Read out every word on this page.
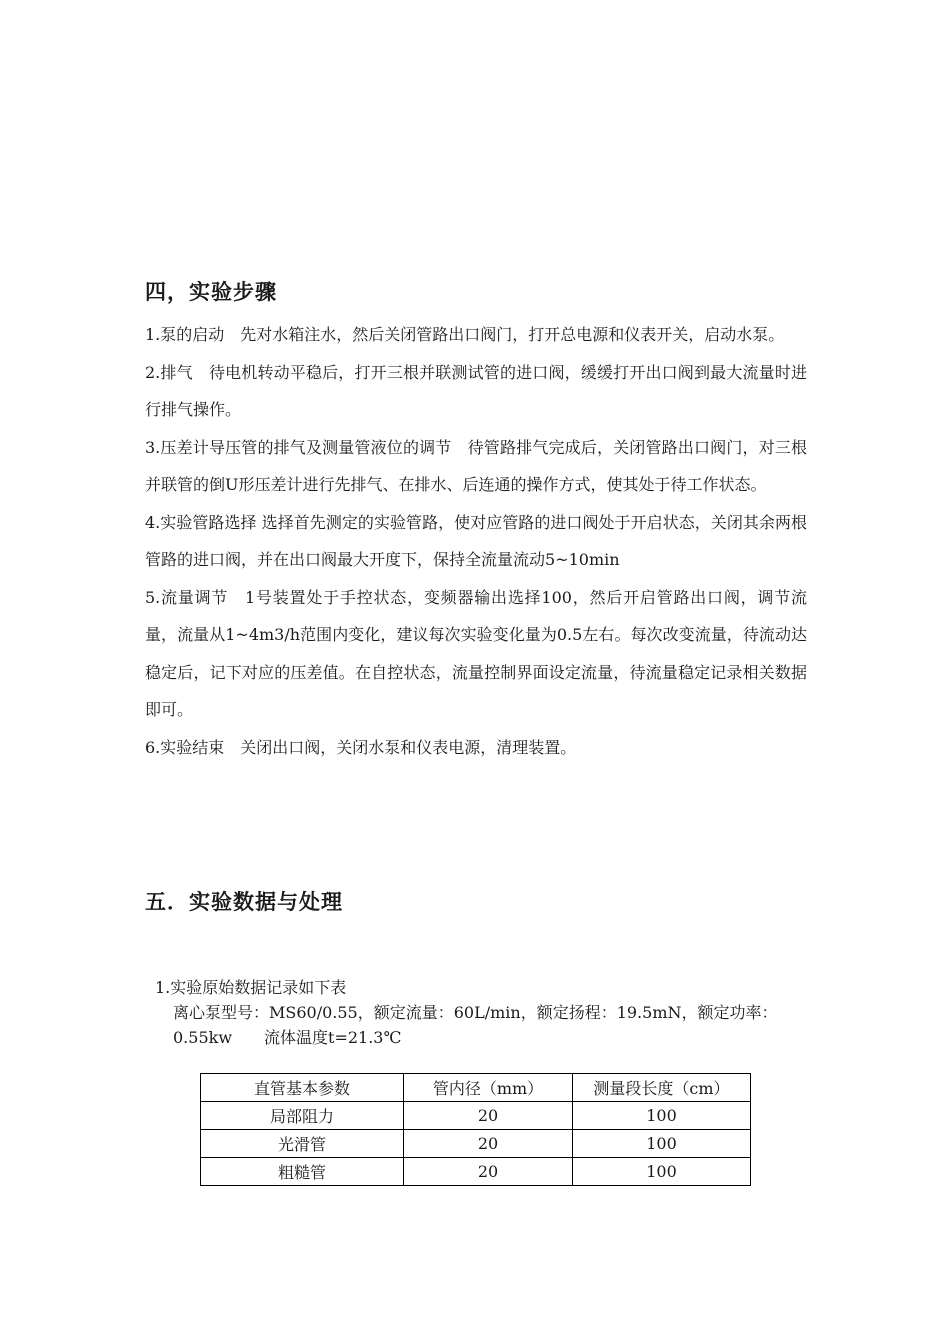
四，实验步骤

1.泵的启动　先对水箱注水，然后关闭管路出口阀门，打开总电源和仪表开关，启动水泵。

2.排气　待电机转动平稳后，打开三根并联测试管的进口阀，缓缓打开出口阀到最大流量时进行排气操作。

3.压差计导压管的排气及测量管液位的调节　待管路排气完成后，关闭管路出口阀门，对三根并联管的倒U形压差计进行先排气、在排水、后连通的操作方式，使其处于待工作状态。

4.实验管路选择 选择首先测定的实验管路，使对应管路的进口阀处于开启状态，关闭其余两根管路的进口阀，并在出口阀最大开度下，保持全流量流动5~10min

5.流量调节　1号装置处于手控状态，变频器输出选择100，然后开启管路出口阀，调节流量，流量从1~4m3/h范围内变化，建议每次实验变化量为0.5左右。每次改变流量，待流动达稳定后，记下对应的压差值。在自控状态，流量控制界面设定流量，待流量稳定记录相关数据即可。

6.实验结束　关闭出口阀，关闭水泵和仪表电源，清理装置。

五．实验数据与处理
1.实验原始数据记录如下表
离心泵型号：MS60/0.55，额定流量：60L/min，额定扬程：19.5mN，额定功率：0.55kw　　流体温度t=21.3℃
直管基本参数	管内径（mm）	测量段长度（cm）
局部阻力	20	100
光滑管	20	100
粗糙管	20	100
